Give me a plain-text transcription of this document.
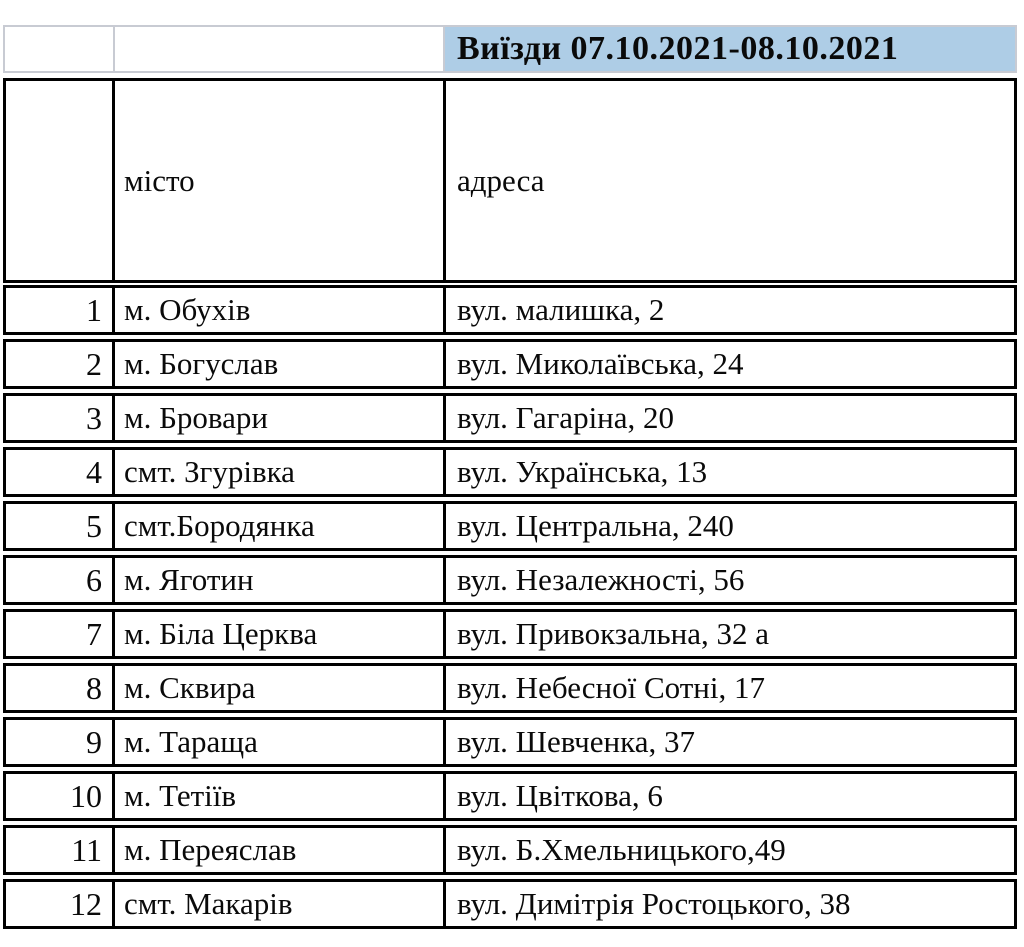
Виїзди 07.10.2021-08.10.2021
місто	адреса
1 м. Обухів	вул. малишка, 2
2 м. Богуслав	вул. Миколаївська, 24
3 м. Бровари	вул. Гагаріна, 20
4 смт. Згурівка	вул. Українська, 13
5 смт.Бородянка	вул. Центральна, 240
6 м. Яготин	вул. Незалежності, 56
7 м. Біла Церква	вул. Привокзальна, 32 а
8 м. Сквира	вул. Небесної Сотні, 17
9 м. Тараща	вул. Шевченка, 37
10 м. Тетіїв	вул. Цвіткова, 6
11 м. Переяслав	вул. Б.Хмельницького,49
12 смт. Макарів	вул. Димітрія Ростоцького, 38
